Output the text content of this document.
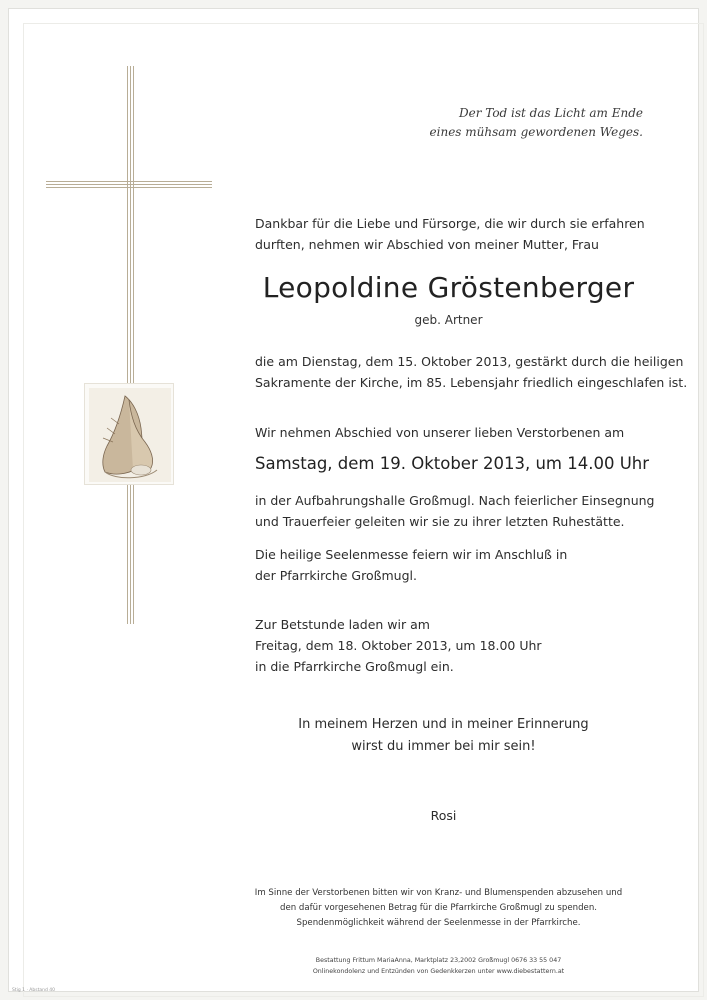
Der Tod ist das Licht am Ende
eines mühsam gewordenen Weges.
Dankbar für die Liebe und Fürsorge, die wir durch sie erfahren
durften, nehmen wir Abschied von meiner Mutter, Frau
Leopoldine Gröstenberger
geb. Artner
die am Dienstag, dem 15. Oktober 2013, gestärkt durch die heiligen
Sakramente der Kirche, im 85. Lebensjahr friedlich eingeschlafen ist.
Wir nehmen Abschied von unserer lieben Verstorbenen am
Samstag, dem 19. Oktober 2013, um 14.00 Uhr
in der Aufbahrungshalle Großmugl. Nach feierlicher Einsegnung
und Trauerfeier geleiten wir sie zu ihrer letzten Ruhestätte.
Die heilige Seelenmesse feiern wir im Anschluß in
der Pfarrkirche Großmugl.
Zur Betstunde laden wir am
Freitag, dem 18. Oktober 2013, um 18.00 Uhr
in die Pfarrkirche Großmugl ein.
In meinem Herzen und in meiner Erinnerung
wirst du immer bei mir sein!
Rosi
Im Sinne der Verstorbenen bitten wir von Kranz- und Blumenspenden abzusehen und
den dafür vorgesehenen Betrag für die Pfarrkirche Großmugl zu spenden.
Spendenmöglichkeit während der Seelenmesse in der Pfarrkirche.
Bestattung Frittum MariaAnna, Marktplatz 23,2002 Großmugl 0676 33 55 047
Onlinekondolenz und Entzünden von Gedenkkerzen unter www.diebestattern.at
Stig 1 · Abstand 40
